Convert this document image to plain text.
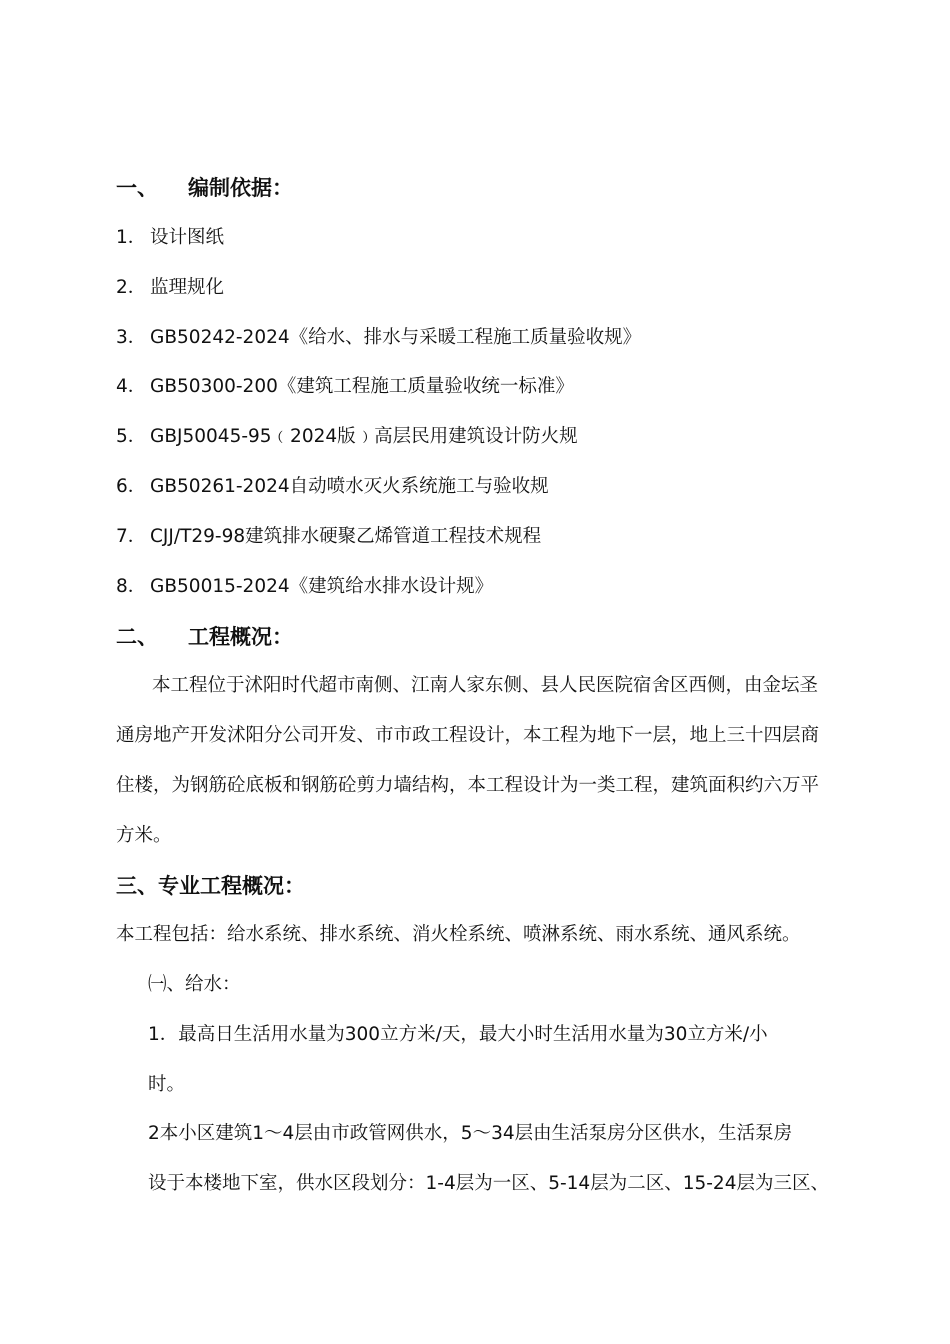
一、 编制依据：
1． 设计图纸
2． 监理规化
3． GB50242-2024《给水、排水与采暖工程施工质量验收规》
4． GB50300-200《建筑工程施工质量验收统一标准》
5． GBJ50045-95﹙2024版﹚高层民用建筑设计防火规
6． GB50261-2024自动喷水灭火系统施工与验收规
7． CJJ/T29-98建筑排水硬聚乙烯管道工程技术规程
8． GB50015-2024《建筑给水排水设计规》
二、 工程概况：
本工程位于沭阳时代超市南侧、江南人家东侧、县人民医院宿舍区西侧，由金坛圣
通房地产开发沭阳分公司开发、市市政工程设计，本工程为地下一层，地上三十四层商
住楼，为钢筋砼底板和钢筋砼剪力墙结构，本工程设计为一类工程，建筑面积约六万平
方米。
三、专业工程概况：
本工程包括：给水系统、排水系统、消火栓系统、喷淋系统、雨水系统、通风系统。
㈠、给水：
1．最高日生活用水量为300立方米/天，最大小时生活用水量为30立方米/小
时。
2本小区建筑1～4层由市政管网供水，5～34层由生活泵房分区供水，生活泵房
设于本楼地下室，供水区段划分：1-4层为一区、5-14层为二区、15-24层为三区、
